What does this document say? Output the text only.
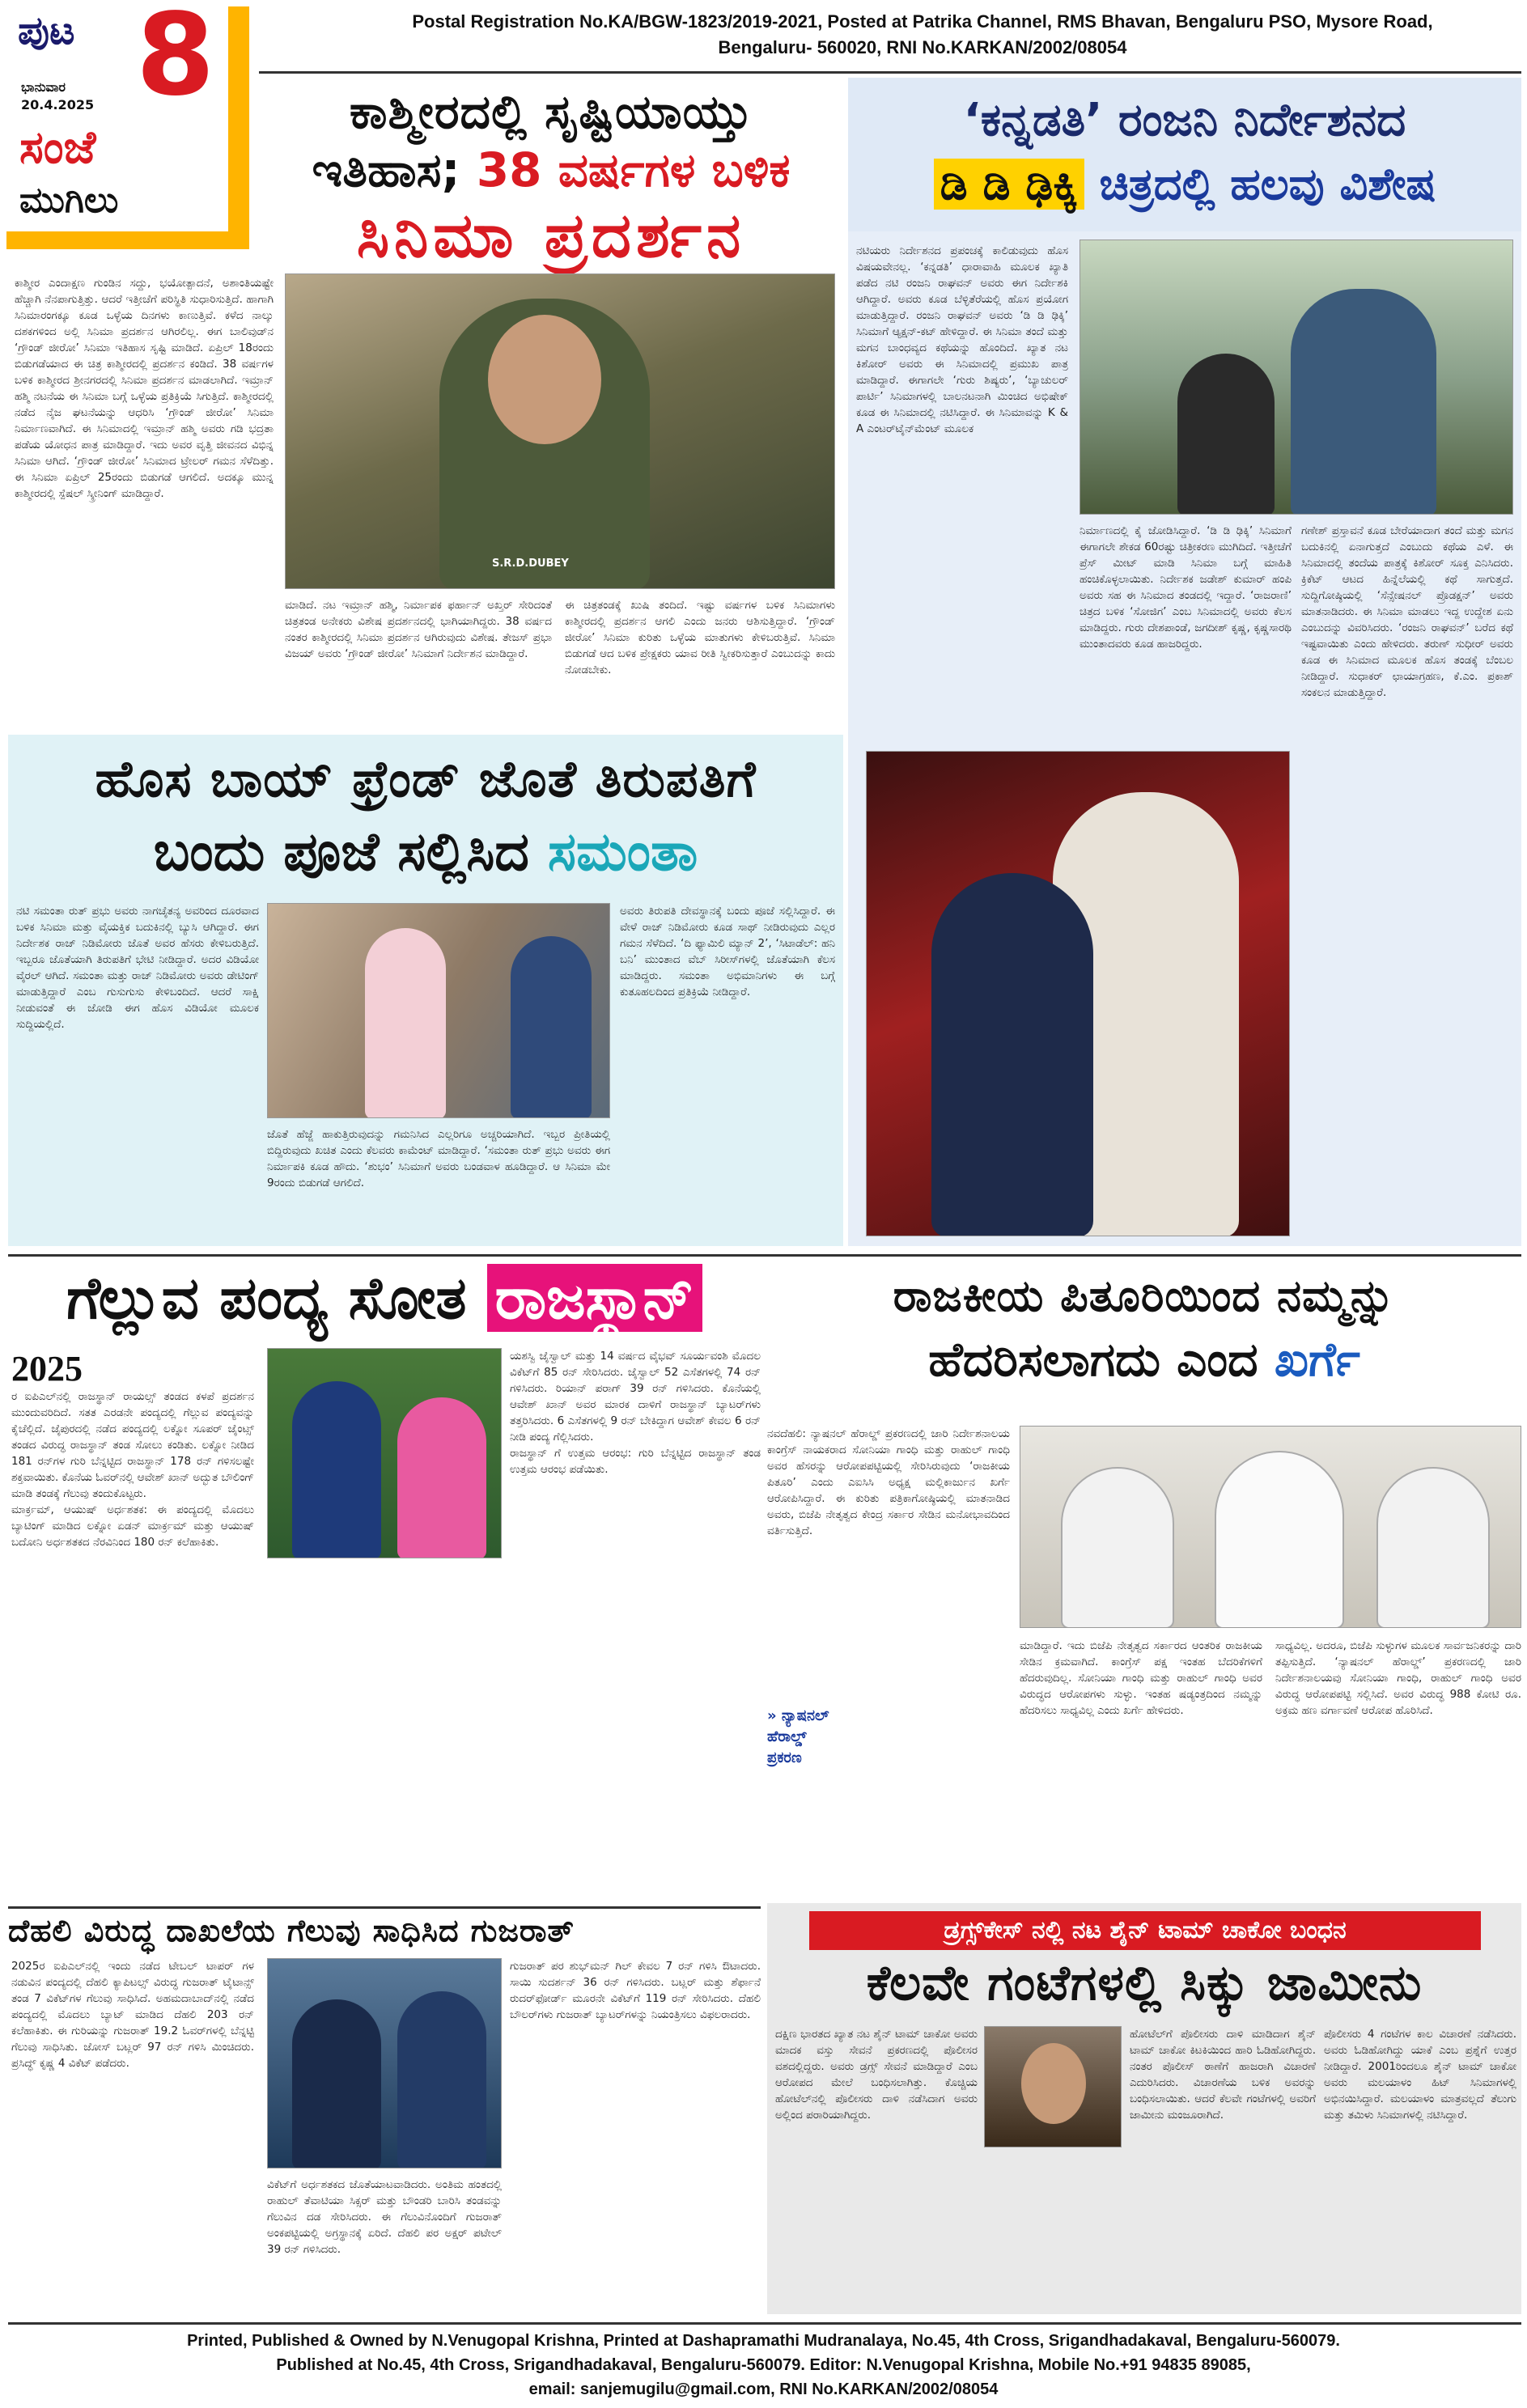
ಪುಟ 8
ಭಾನುವಾರ
20.4.2025
ಸಂಜೆ
ಮುಗಿಲು
Postal Registration No.KA/BGW-1823/2019-2021, Posted at Patrika Channel, RMS Bhavan, Bengaluru PSO, Mysore Road,
Bengaluru- 560020, RNI No.KARKAN/2002/08054
ಕಾಶ್ಮೀರದಲ್ಲಿ ಸೃಷ್ಟಿಯಾಯ್ತು
ಇತಿಹಾಸ; 38 ವರ್ಷಗಳ ಬಳಿಕ
ಸಿನಿಮಾ ಪ್ರದರ್ಶನ
ಕಾಶ್ಮೀರ ಎಂದಾಕ್ಷಣ ಗುಂಡಿನ ಸದ್ದು, ಭಯೋತ್ಪಾದನೆ, ಅಶಾಂತಿಯಷ್ಟೇ ಹೆಚ್ಚಾಗಿ ನೆನಪಾಗುತ್ತಿತ್ತು. ಆದರೆ ಇತ್ತೀಚೆಗೆ ಪರಿಸ್ಥಿತಿ ಸುಧಾರಿಸುತ್ತಿದೆ. ಹಾಗಾಗಿ ಸಿನಿಮಾರಂಗಕ್ಕೂ ಕೂಡ ಒಳ್ಳೆಯ ದಿನಗಳು ಕಾಣುತ್ತಿವೆ. ಕಳೆದ ನಾಲ್ಕು ದಶಕಗಳಿಂದ ಅಲ್ಲಿ ಸಿನಿಮಾ ಪ್ರದರ್ಶನ ಆಗಿರಲಿಲ್ಲ. ಈಗ ಬಾಲಿವುಡ್‌ನ ‘ಗ್ರೌಂಡ್ ಜೀರೋ’ ಸಿನಿಮಾ ಇತಿಹಾಸ ಸೃಷ್ಟಿ ಮಾಡಿದೆ. ಏಪ್ರಿಲ್ 18ರಂದು ಬಿಡುಗಡೆಯಾದ ಈ ಚಿತ್ರ ಕಾಶ್ಮೀರದಲ್ಲಿ ಪ್ರದರ್ಶನ ಕಂಡಿದೆ. 38 ವರ್ಷಗಳ ಬಳಿಕ ಕಾಶ್ಮೀರದ ಶ್ರೀನಗರದಲ್ಲಿ ಸಿನಿಮಾ ಪ್ರದರ್ಶನ ಮಾಡಲಾಗಿದೆ. ಇಮ್ರಾನ್ ಹಶ್ಮಿ ನಟನೆಯ ಈ ಸಿನಿಮಾ ಬಗ್ಗೆ ಒಳ್ಳೆಯ ಪ್ರತಿಕ್ರಿಯೆ ಸಿಗುತ್ತಿದೆ. ಕಾಶ್ಮೀರದಲ್ಲಿ ನಡೆದ ನೈಜ ಘಟನೆಯನ್ನು ಆಧರಿಸಿ ‘ಗ್ರೌಂಡ್ ಜೀರೋ’ ಸಿನಿಮಾ ನಿರ್ಮಾಣವಾಗಿದೆ. ಈ ಸಿನಿಮಾದಲ್ಲಿ ಇಮ್ರಾನ್ ಹಶ್ಮಿ ಅವರು ಗಡಿ ಭದ್ರತಾ ಪಡೆಯ ಯೋಧನ ಪಾತ್ರ ಮಾಡಿದ್ದಾರೆ. ಇದು ಅವರ ವೃತ್ತಿ ಜೀವನದ ವಿಭಿನ್ನ ಸಿನಿಮಾ ಆಗಿದೆ. ‘ಗ್ರೌಂಡ್ ಜೀರೋ’ ಸಿನಿಮಾದ ಟ್ರೇಲರ್ ಗಮನ ಸೆಳೆದಿತ್ತು. ಈ ಸಿನಿಮಾ ಏಪ್ರಿಲ್ 25ರಂದು ಬಿಡುಗಡೆ ಆಗಲಿದೆ. ಅದಕ್ಕೂ ಮುನ್ನ ಕಾಶ್ಮೀರದಲ್ಲಿ ಸ್ಪೆಷಲ್ ಸ್ಕ್ರೀನಿಂಗ್ ಮಾಡಿದ್ದಾರೆ.
S.R.D.DUBEY
ಮಾಡಿದೆ. ನಟ ಇಮ್ರಾನ್ ಹಶ್ಮಿ, ನಿರ್ಮಾಪಕ ಫರ್ಹಾನ್ ಅಖ್ತರ್ ಸೇರಿದಂತೆ ಚಿತ್ರತಂಡ ಅನೇಕರು ವಿಶೇಷ ಪ್ರದರ್ಶನದಲ್ಲಿ ಭಾಗಿಯಾಗಿದ್ದರು. 38 ವರ್ಷದ ನಂತರ ಕಾಶ್ಮೀರದಲ್ಲಿ ಸಿನಿಮಾ ಪ್ರದರ್ಶನ ಆಗಿರುವುದು ವಿಶೇಷ. ತೇಜಸ್ ಪ್ರಭಾ ವಿಜಯ್ ಅವರು ‘ಗ್ರೌಂಡ್ ಜೀರೋ’ ಸಿನಿಮಾಗೆ ನಿರ್ದೇಶನ ಮಾಡಿದ್ದಾರೆ.
ಈ ಚಿತ್ರತಂಡಕ್ಕೆ ಖುಷಿ ತಂದಿದೆ. ಇಷ್ಟು ವರ್ಷಗಳ ಬಳಿಕ ಸಿನಿಮಾಗಳು ಕಾಶ್ಮೀರದಲ್ಲಿ ಪ್ರದರ್ಶನ ಆಗಲಿ ಎಂದು ಜನರು ಆಶಿಸುತ್ತಿದ್ದಾರೆ. ‘ಗ್ರೌಂಡ್ ಜೀರೋ’ ಸಿನಿಮಾ ಕುರಿತು ಒಳ್ಳೆಯ ಮಾತುಗಳು ಕೇಳಿಬರುತ್ತಿವೆ. ಸಿನಿಮಾ ಬಿಡುಗಡೆ ಆದ ಬಳಿಕ ಪ್ರೇಕ್ಷಕರು ಯಾವ ರೀತಿ ಸ್ವೀಕರಿಸುತ್ತಾರೆ ಎಂಬುದನ್ನು ಕಾದು ನೋಡಬೇಕು.
‘ಕನ್ನಡತಿ’ ರಂಜನಿ ನಿರ್ದೇಶನದ
ಡಿ ಡಿ ಢಿಕ್ಕಿ ಚಿತ್ರದಲ್ಲಿ ಹಲವು ವಿಶೇಷ
ನಟಿಯರು ನಿರ್ದೇಶನದ ಪ್ರಪಂಚಕ್ಕೆ ಕಾಲಿಡುವುದು ಹೊಸ ವಿಷಯವೇನಲ್ಲ. ‘ಕನ್ನಡತಿ’ ಧಾರಾವಾಹಿ ಮೂಲಕ ಖ್ಯಾತಿ ಪಡೆದ ನಟಿ ರಂಜನಿ ರಾಘವನ್ ಅವರು ಈಗ ನಿರ್ದೇಶಕಿ ಆಗಿದ್ದಾರೆ. ಅವರು ಕೂಡ ಬೆಳ್ಳಿತೆರೆಯಲ್ಲಿ ಹೊಸ ಪ್ರಯೋಗ ಮಾಡುತ್ತಿದ್ದಾರೆ. ರಂಜನಿ ರಾಘವನ್ ಅವರು ‘ಡಿ ಡಿ ಢಿಕ್ಕಿ’ ಸಿನಿಮಾಗೆ ಆ್ಯಕ್ಷನ್-ಕಟ್ ಹೇಳಿದ್ದಾರೆ. ಈ ಸಿನಿಮಾ ತಂದೆ ಮತ್ತು ಮಗನ ಬಾಂಧವ್ಯದ ಕಥೆಯನ್ನು ಹೊಂದಿದೆ. ಖ್ಯಾತ ನಟ ಕಿಶೋರ್ ಅವರು ಈ ಸಿನಿಮಾದಲ್ಲಿ ಪ್ರಮುಖ ಪಾತ್ರ ಮಾಡಿದ್ದಾರೆ. ಈಗಾಗಲೇ ‘ಗುರು ಶಿಷ್ಯರು’, ‘ಬ್ಯಾಚುಲರ್ ಪಾರ್ಟಿ’ ಸಿನಿಮಾಗಳಲ್ಲಿ ಬಾಲನಟನಾಗಿ ಮಿಂಚಿದ ಅಭಿಷೇಕ್ ಕೂಡ ಈ ಸಿನಿಮಾದಲ್ಲಿ ನಟಿಸಿದ್ದಾರೆ. ಈ ಸಿನಿಮಾವನ್ನು K & A ಎಂಟರ್‌ಟೈನ್‌ಮೆಂಟ್ ಮೂಲಕ
ನಿರ್ಮಾಣದಲ್ಲಿ ಕೈ ಜೋಡಿಸಿದ್ದಾರೆ. ‘ಡಿ ಡಿ ಢಿಕ್ಕಿ’ ಸಿನಿಮಾಗೆ ಈಗಾಗಲೇ ಶೇಕಡ 60ರಷ್ಟು ಚಿತ್ರೀಕರಣ ಮುಗಿದಿದೆ. ಇತ್ತೀಚೆಗೆ ಪ್ರೆಸ್ ಮೀಟ್ ಮಾಡಿ ಸಿನಿಮಾ ಬಗ್ಗೆ ಮಾಹಿತಿ ಹಂಚಿಕೊಳ್ಳಲಾಯಿತು. ನಿರ್ದೇಶಕ ಜಡೇಶ್ ಕುಮಾರ್ ಹಂಪಿ ಅವರು ಸಹ ಈ ಸಿನಿಮಾದ ತಂಡದಲ್ಲಿ ಇದ್ದಾರೆ. ‘ರಾಜರಾಣಿ’ ಚಿತ್ರದ ಬಳಿಕ ‘ಸೋಜಿಗ’ ಎಂಬ ಸಿನಿಮಾದಲ್ಲಿ ಅವರು ಕೆಲಸ ಮಾಡಿದ್ದರು. ಗುರು ದೇಶಪಾಂಡೆ, ಜಗದೀಶ್ ಕೃಷ್ಣ, ಕೃಷ್ಣಸಾರಥಿ ಮುಂತಾದವರು ಕೂಡ ಹಾಜರಿದ್ದರು.
ಗಣೇಶ್ ಪ್ರಸ್ತಾವನೆ ಕೂಡ ಬೇರೆಯಾದಾಗ ತಂದೆ ಮತ್ತು ಮಗನ ಬದುಕಿನಲ್ಲಿ ಏನಾಗುತ್ತದೆ ಎಂಬುದು ಕಥೆಯ ಎಳೆ. ಈ ಸಿನಿಮಾದಲ್ಲಿ ತಂದೆಯ ಪಾತ್ರಕ್ಕೆ ಕಿಶೋರ್ ಸೂಕ್ತ ಎನಿಸಿದರು. ಕ್ರಿಕೆಟ್ ಆಟದ ಹಿನ್ನೆಲೆಯಲ್ಲಿ ಕಥೆ ಸಾಗುತ್ತದೆ. ಸುದ್ದಿಗೋಷ್ಠಿಯಲ್ಲಿ ‘ಸೆನ್ಸೇಷನಲ್ ಪ್ರೊಡಕ್ಷನ್’ ಅವರು ಮಾತನಾಡಿದರು. ಈ ಸಿನಿಮಾ ಮಾಡಲು ಇದ್ದ ಉದ್ದೇಶ ಏನು ಎಂಬುದನ್ನು ವಿವರಿಸಿದರು. ‘ರಂಜನಿ ರಾಘವನ್’ ಬರೆದ ಕಥೆ ಇಷ್ಟವಾಯಿತು ಎಂದು ಹೇಳಿದರು. ತರುಣ್ ಸುಧೀರ್ ಅವರು ಕೂಡ ಈ ಸಿನಿಮಾದ ಮೂಲಕ ಹೊಸ ತಂಡಕ್ಕೆ ಬೆಂಬಲ ನೀಡಿದ್ದಾರೆ. ಸುಧಾಕರ್ ಛಾಯಾಗ್ರಹಣ, ಕೆ.ಎಂ. ಪ್ರಕಾಶ್ ಸಂಕಲನ ಮಾಡುತ್ತಿದ್ದಾರೆ.
ಹೊಸ ಬಾಯ್ ಫ್ರೆಂಡ್ ಜೊತೆ ತಿರುಪತಿಗೆ
ಬಂದು ಪೂಜೆ ಸಲ್ಲಿಸಿದ ಸಮಂತಾ
ನಟಿ ಸಮಂತಾ ರುತ್ ಪ್ರಭು ಅವರು ನಾಗಚೈತನ್ಯ ಅವರಿಂದ ದೂರವಾದ ಬಳಿಕ ಸಿನಿಮಾ ಮತ್ತು ವೈಯಕ್ತಿಕ ಬದುಕಿನಲ್ಲಿ ಬ್ಯುಸಿ ಆಗಿದ್ದಾರೆ. ಈಗ ನಿರ್ದೇಶಕ ರಾಜ್ ನಿಡಿಮೋರು ಜೊತೆ ಅವರ ಹೆಸರು ಕೇಳಿಬರುತ್ತಿದೆ. ಇಬ್ಬರೂ ಜೊತೆಯಾಗಿ ತಿರುಪತಿಗೆ ಭೇಟಿ ನೀಡಿದ್ದಾರೆ. ಅದರ ವಿಡಿಯೋ ವೈರಲ್ ಆಗಿದೆ. ಸಮಂತಾ ಮತ್ತು ರಾಜ್ ನಿಡಿಮೋರು ಅವರು ಡೇಟಿಂಗ್ ಮಾಡುತ್ತಿದ್ದಾರೆ ಎಂಬ ಗುಸುಗುಸು ಕೇಳಿಬಂದಿದೆ. ಆದರೆ ಸಾಕ್ಷಿ ನೀಡುವಂತೆ ಈ ಜೋಡಿ ಈಗ ಹೊಸ ವಿಡಿಯೋ ಮೂಲಕ ಸುದ್ದಿಯಲ್ಲಿದೆ.
ಜೊತೆ ಹೆಜ್ಜೆ ಹಾಕುತ್ತಿರುವುದನ್ನು ಗಮನಿಸಿದ ಎಲ್ಲರಿಗೂ ಅಚ್ಚರಿಯಾಗಿದೆ. ಇಬ್ಬರ ಪ್ರೀತಿಯಲ್ಲಿ ಬಿದ್ದಿರುವುದು ಖಚಿತ ಎಂದು ಕೆಲವರು ಕಾಮೆಂಟ್ ಮಾಡಿದ್ದಾರೆ. ‘ಸಮಂತಾ ರುತ್ ಪ್ರಭು ಅವರು ಈಗ ನಿರ್ಮಾಪಕಿ ಕೂಡ ಹೌದು. ‘ಶುಭಂ’ ಸಿನಿಮಾಗೆ ಅವರು ಬಂಡವಾಳ ಹೂಡಿದ್ದಾರೆ. ಆ ಸಿನಿಮಾ ಮೇ 9ರಂದು ಬಿಡುಗಡೆ ಆಗಲಿದೆ.
ಅವರು ತಿರುಪತಿ ದೇವಸ್ಥಾನಕ್ಕೆ ಬಂದು ಪೂಜೆ ಸಲ್ಲಿಸಿದ್ದಾರೆ. ಈ ವೇಳೆ ರಾಜ್ ನಿಡಿಮೋರು ಕೂಡ ಸಾಥ್ ನೀಡಿರುವುದು ಎಲ್ಲರ ಗಮನ ಸೆಳೆದಿದೆ. ‘ದಿ ಫ್ಯಾಮಿಲಿ ಮ್ಯಾನ್ 2’, ‘ಸಿಟಾಡೆಲ್: ಹನಿ ಬನಿ’ ಮುಂತಾದ ವೆಬ್ ಸಿರೀಸ್‌ಗಳಲ್ಲಿ ಜೊತೆಯಾಗಿ ಕೆಲಸ ಮಾಡಿದ್ದರು. ಸಮಂತಾ ಅಭಿಮಾನಿಗಳು ಈ ಬಗ್ಗೆ ಕುತೂಹಲದಿಂದ ಪ್ರತಿಕ್ರಿಯೆ ನೀಡಿದ್ದಾರೆ.
ಗೆಲ್ಲುವ ಪಂದ್ಯ ಸೋತ ರಾಜಸ್ಥಾನ್
2025
ರ ಐಪಿಎಲ್‌ನಲ್ಲಿ ರಾಜಸ್ಥಾನ್ ರಾಯಲ್ಸ್ ತಂಡದ ಕಳಪೆ ಪ್ರದರ್ಶನ ಮುಂದುವರಿದಿದೆ. ಸತತ ಎರಡನೇ ಪಂದ್ಯದಲ್ಲಿ ಗೆಲ್ಲುವ ಪಂದ್ಯವನ್ನು ಕೈಚೆಲ್ಲಿದೆ. ಜೈಪುರದಲ್ಲಿ ನಡೆದ ಪಂದ್ಯದಲ್ಲಿ ಲಕ್ನೋ ಸೂಪರ್ ಜೈಂಟ್ಸ್ ತಂಡದ ವಿರುದ್ಧ ರಾಜಸ್ಥಾನ್ ತಂಡ ಸೋಲು ಕಂಡಿತು. ಲಕ್ನೋ ನೀಡಿದ 181 ರನ್‌ಗಳ ಗುರಿ ಬೆನ್ನಟ್ಟಿದ ರಾಜಸ್ಥಾನ್ 178 ರನ್ ಗಳಿಸಲಷ್ಟೇ ಶಕ್ತವಾಯಿತು. ಕೊನೆಯ ಓವರ್‌ನಲ್ಲಿ ಆವೇಶ್ ಖಾನ್ ಅದ್ಭುತ ಬೌಲಿಂಗ್ ಮಾಡಿ ತಂಡಕ್ಕೆ ಗೆಲುವು ತಂದುಕೊಟ್ಟರು.
ಮಾರ್ಕ್ರಮ್, ಆಯುಷ್ ಅರ್ಧಶತಕ: ಈ ಪಂದ್ಯದಲ್ಲಿ ಮೊದಲು ಬ್ಯಾಟಿಂಗ್ ಮಾಡಿದ ಲಕ್ನೋ ಏಡನ್ ಮಾರ್ಕ್ರಮ್ ಮತ್ತು ಆಯುಷ್ ಬದೋನಿ ಅರ್ಧಶತಕದ ನೆರವಿನಿಂದ 180 ರನ್ ಕಲೆಹಾಕಿತು.
ಯಶಸ್ವಿ ಜೈಸ್ವಾಲ್ ಮತ್ತು 14 ವರ್ಷದ ವೈಭವ್ ಸೂರ್ಯವಂಶಿ ಮೊದಲ ವಿಕೆಟ್‌ಗೆ 85 ರನ್ ಸೇರಿಸಿದರು. ಜೈಸ್ವಾಲ್ 52 ಎಸೆತಗಳಲ್ಲಿ 74 ರನ್ ಗಳಿಸಿದರು. ರಿಯಾನ್ ಪರಾಗ್ 39 ರನ್ ಗಳಿಸಿದರು. ಕೊನೆಯಲ್ಲಿ ಆವೇಶ್ ಖಾನ್ ಅವರ ಮಾರಕ ದಾಳಿಗೆ ರಾಜಸ್ಥಾನ್ ಬ್ಯಾಟರ್‌ಗಳು ತತ್ತರಿಸಿದರು. 6 ಎಸೆತಗಳಲ್ಲಿ 9 ರನ್ ಬೇಕಿದ್ದಾಗ ಆವೇಶ್ ಕೇವಲ 6 ರನ್ ನೀಡಿ ಪಂದ್ಯ ಗೆಲ್ಲಿಸಿದರು.
ರಾಜಸ್ಥಾನ್ ಗೆ ಉತ್ತಮ ಆರಂಭ: ಗುರಿ ಬೆನ್ನಟ್ಟಿದ ರಾಜಸ್ಥಾನ್ ತಂಡ ಉತ್ತಮ ಆರಂಭ ಪಡೆಯಿತು.
ರಾಜಕೀಯ ಪಿತೂರಿಯಿಂದ ನಮ್ಮನ್ನು
ಹೆದರಿಸಲಾಗದು ಎಂದ ಖರ್ಗೆ
ನವದೆಹಲಿ: ನ್ಯಾಷನಲ್ ಹೆರಾಲ್ಡ್ ಪ್ರಕರಣದಲ್ಲಿ ಜಾರಿ ನಿರ್ದೇಶನಾಲಯ ಕಾಂಗ್ರೆಸ್ ನಾಯಕರಾದ ಸೋನಿಯಾ ಗಾಂಧಿ ಮತ್ತು ರಾಹುಲ್ ಗಾಂಧಿ ಅವರ ಹೆಸರನ್ನು ಆರೋಪಪಟ್ಟಿಯಲ್ಲಿ ಸೇರಿಸಿರುವುದು ‘ರಾಜಕೀಯ ಪಿತೂರಿ’ ಎಂದು ಎಐಸಿಸಿ ಅಧ್ಯಕ್ಷ ಮಲ್ಲಿಕಾರ್ಜುನ ಖರ್ಗೆ ಆರೋಪಿಸಿದ್ದಾರೆ. ಈ ಕುರಿತು ಪತ್ರಿಕಾಗೋಷ್ಠಿಯಲ್ಲಿ ಮಾತನಾಡಿದ ಅವರು, ಬಿಜೆಪಿ ನೇತೃತ್ವದ ಕೇಂದ್ರ ಸರ್ಕಾರ ಸೇಡಿನ ಮನೋಭಾವದಿಂದ ವರ್ತಿಸುತ್ತಿದೆ.
» ನ್ಯಾಷನಲ್
ಹೆರಾಲ್ಡ್
ಪ್ರಕರಣ
ಮಾಡಿದ್ದಾರೆ. ಇದು ಬಿಜೆಪಿ ನೇತೃತ್ವದ ಸರ್ಕಾರದ ಆಂತರಿಕ ರಾಜಕೀಯ ಸೇಡಿನ ಕ್ರಮವಾಗಿದೆ. ಕಾಂಗ್ರೆಸ್ ಪಕ್ಷ ಇಂತಹ ಬೆದರಿಕೆಗಳಿಗೆ ಹೆದರುವುದಿಲ್ಲ. ಸೋನಿಯಾ ಗಾಂಧಿ ಮತ್ತು ರಾಹುಲ್ ಗಾಂಧಿ ಅವರ ವಿರುದ್ಧದ ಆರೋಪಗಳು ಸುಳ್ಳು. ಇಂತಹ ಷಡ್ಯಂತ್ರದಿಂದ ನಮ್ಮನ್ನು ಹೆದರಿಸಲು ಸಾಧ್ಯವಿಲ್ಲ ಎಂದು ಖರ್ಗೆ ಹೇಳಿದರು.
ಸಾಧ್ಯವಿಲ್ಲ. ಅದರೂ, ಬಿಜೆಪಿ ಸುಳ್ಳುಗಳ ಮೂಲಕ ಸಾರ್ವಜನಿಕರನ್ನು ದಾರಿ ತಪ್ಪಿಸುತ್ತಿದೆ. ‘ನ್ಯಾಷನಲ್ ಹೆರಾಲ್ಡ್’ ಪ್ರಕರಣದಲ್ಲಿ ಜಾರಿ ನಿರ್ದೇಶನಾಲಯವು ಸೋನಿಯಾ ಗಾಂಧಿ, ರಾಹುಲ್ ಗಾಂಧಿ ಅವರ ವಿರುದ್ಧ ಆರೋಪಪಟ್ಟಿ ಸಲ್ಲಿಸಿದೆ. ಅವರ ವಿರುದ್ಧ 988 ಕೋಟಿ ರೂ. ಅಕ್ರಮ ಹಣ ವರ್ಗಾವಣೆ ಆರೋಪ ಹೊರಿಸಿದೆ.
ದೆಹಲಿ ವಿರುದ್ಧ ದಾಖಲೆಯ ಗೆಲುವು ಸಾಧಿಸಿದ ಗುಜರಾತ್
2025ರ ಐಪಿಎಲ್‌ನಲ್ಲಿ ಇಂದು ನಡೆದ ಟೇಬಲ್ ಟಾಪರ್ ಗಳ ನಡುವಿನ ಪಂದ್ಯದಲ್ಲಿ ದೆಹಲಿ ಕ್ಯಾಪಿಟಲ್ಸ್ ವಿರುದ್ಧ ಗುಜರಾತ್ ಟೈಟಾನ್ಸ್ ತಂಡ 7 ವಿಕೆಟ್‌ಗಳ ಗೆಲುವು ಸಾಧಿಸಿದೆ. ಅಹಮದಾಬಾದ್‌ನಲ್ಲಿ ನಡೆದ ಪಂದ್ಯದಲ್ಲಿ ಮೊದಲು ಬ್ಯಾಟ್ ಮಾಡಿದ ದೆಹಲಿ 203 ರನ್ ಕಲೆಹಾಕಿತು. ಈ ಗುರಿಯನ್ನು ಗುಜರಾತ್ 19.2 ಓವರ್‌ಗಳಲ್ಲಿ ಬೆನ್ನಟ್ಟಿ ಗೆಲುವು ಸಾಧಿಸಿತು. ಜೋಸ್ ಬಟ್ಲರ್ 97 ರನ್ ಗಳಿಸಿ ಮಿಂಚಿದರು. ಪ್ರಸಿದ್ಧ್ ಕೃಷ್ಣ 4 ವಿಕೆಟ್ ಪಡೆದರು.
ವಿಕೆಟ್‌ಗೆ ಅರ್ಧಶತಕದ ಜೊತೆಯಾಟವಾಡಿದರು. ಅಂತಿಮ ಹಂತದಲ್ಲಿ ರಾಹುಲ್ ತೆವಾಟಿಯಾ ಸಿಕ್ಸರ್ ಮತ್ತು ಬೌಂಡರಿ ಬಾರಿಸಿ ತಂಡವನ್ನು ಗೆಲುವಿನ ದಡ ಸೇರಿಸಿದರು. ಈ ಗೆಲುವಿನೊಂದಿಗೆ ಗುಜರಾತ್ ಅಂಕಪಟ್ಟಿಯಲ್ಲಿ ಅಗ್ರಸ್ಥಾನಕ್ಕೆ ಏರಿದೆ. ದೆಹಲಿ ಪರ ಅಕ್ಷರ್ ಪಟೇಲ್ 39 ರನ್ ಗಳಿಸಿದರು.
ಗುಜರಾತ್ ಪರ ಶುಭ್‌ಮನ್ ಗಿಲ್ ಕೇವಲ 7 ರನ್ ಗಳಿಸಿ ಔಟಾದರು. ಸಾಯಿ ಸುದರ್ಶನ್ 36 ರನ್ ಗಳಿಸಿದರು. ಬಟ್ಲರ್ ಮತ್ತು ಶೆರ್ಫಾನೆ ರುದರ್‌ಫೋರ್ಡ್ ಮೂರನೇ ವಿಕೆಟ್‌ಗೆ 119 ರನ್ ಸೇರಿಸಿದರು. ದೆಹಲಿ ಬೌಲರ್‌ಗಳು ಗುಜರಾತ್ ಬ್ಯಾಟರ್‌ಗಳನ್ನು ನಿಯಂತ್ರಿಸಲು ವಿಫಲರಾದರು.
ಡ್ರಗ್ಸ್‌ಕೇಸ್ ನಲ್ಲಿ ನಟ ಶೈನ್ ಟಾಮ್ ಚಾಕೋ ಬಂಧನ
ಕೆಲವೇ ಗಂಟೆಗಳಲ್ಲಿ ಸಿಕ್ಕು ಜಾಮೀನು
ದಕ್ಷಿಣ ಭಾರತದ ಖ್ಯಾತ ನಟ ಶೈನ್ ಟಾಮ್ ಚಾಕೋ ಅವರು ಮಾದಕ ವಸ್ತು ಸೇವನೆ ಪ್ರಕರಣದಲ್ಲಿ ಪೊಲೀಸರ ವಶದಲ್ಲಿದ್ದರು. ಅವರು ಡ್ರಗ್ಸ್ ಸೇವನೆ ಮಾಡಿದ್ದಾರೆ ಎಂಬ ಆರೋಪದ ಮೇಲೆ ಬಂಧಿಸಲಾಗಿತ್ತು. ಕೊಚ್ಚಿಯ ಹೋಟೆಲ್‌ನಲ್ಲಿ ಪೊಲೀಸರು ದಾಳಿ ನಡೆಸಿದಾಗ ಅವರು ಅಲ್ಲಿಂದ ಪರಾರಿಯಾಗಿದ್ದರು.
ಹೋಟೆಲ್‌ಗೆ ಪೊಲೀಸರು ದಾಳಿ ಮಾಡಿದಾಗ ಶೈನ್ ಟಾಮ್ ಚಾಕೋ ಕಿಟಕಿಯಿಂದ ಹಾರಿ ಓಡಿಹೋಗಿದ್ದರು. ನಂತರ ಪೊಲೀಸ್ ಠಾಣೆಗೆ ಹಾಜರಾಗಿ ವಿಚಾರಣೆ ಎದುರಿಸಿದರು. ವಿಚಾರಣೆಯ ಬಳಿಕ ಅವರನ್ನು ಬಂಧಿಸಲಾಯಿತು. ಆದರೆ ಕೆಲವೇ ಗಂಟೆಗಳಲ್ಲಿ ಅವರಿಗೆ ಜಾಮೀನು ಮಂಜೂರಾಗಿದೆ.
ಪೊಲೀಸರು 4 ಗಂಟೆಗಳ ಕಾಲ ವಿಚಾರಣೆ ನಡೆಸಿದರು. ಅವರು ಓಡಿಹೋಗಿದ್ದು ಯಾಕೆ ಎಂಬ ಪ್ರಶ್ನೆಗೆ ಉತ್ತರ ನೀಡಿದ್ದಾರೆ. 2001ರಿಂದಲೂ ಶೈನ್ ಟಾಮ್ ಚಾಕೋ ಅವರು ಮಲಯಾಳಂ ಹಿಟ್ ಸಿನಿಮಾಗಳಲ್ಲಿ ಅಭಿನಯಿಸಿದ್ದಾರೆ. ಮಲಯಾಳಂ ಮಾತ್ರವಲ್ಲದೆ ತೆಲುಗು ಮತ್ತು ತಮಿಳು ಸಿನಿಮಾಗಳಲ್ಲಿ ನಟಿಸಿದ್ದಾರೆ.
Printed, Published & Owned by N.Venugopal Krishna, Printed at Dashapramathi Mudranalaya, No.45, 4th Cross, Srigandhadakaval, Bengaluru-560079.
Published at No.45, 4th Cross, Srigandhadakaval, Bengaluru-560079. Editor: N.Venugopal Krishna, Mobile No.+91 94835 89085,
email: sanjemugilu@gmail.com, RNI No.KARKAN/2002/08054
